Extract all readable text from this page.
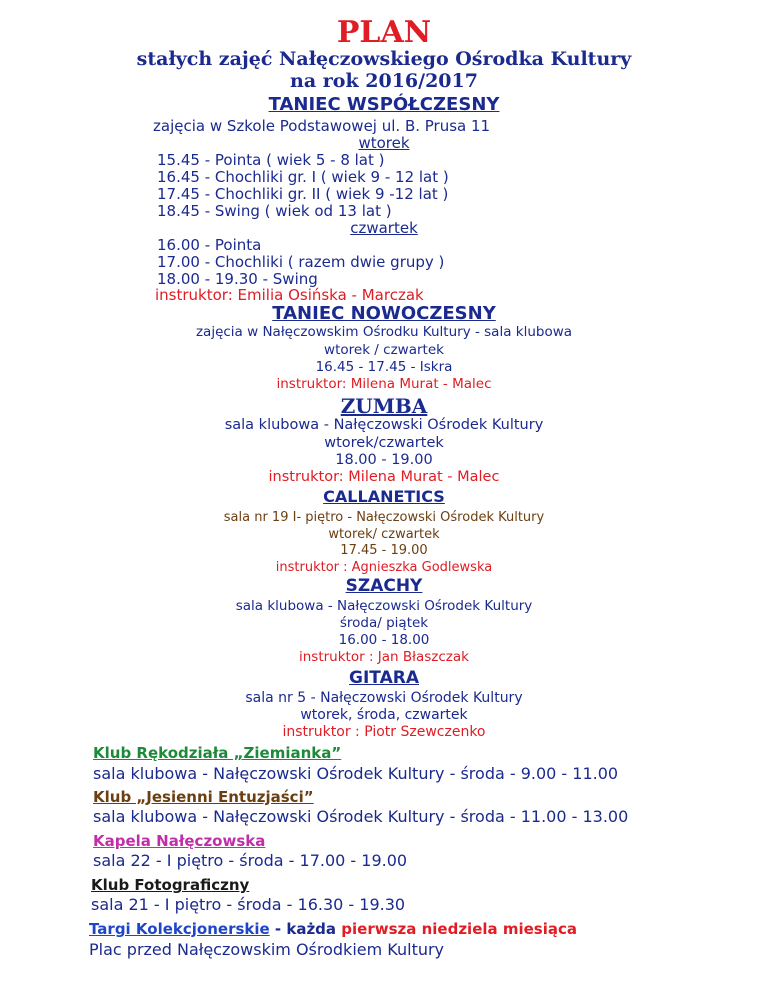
PLAN
stałych zajęć Nałęczowskiego Ośrodka Kultury
na rok 2016/2017
TANIEC WSPÓŁCZESNY
zajęcia w Szkole Podstawowej ul. B. Prusa 11
wtorek
15.45 - Pointa ( wiek 5 - 8 lat )
16.45 - Chochliki gr. I ( wiek 9 - 12 lat )
17.45 - Chochliki gr. II ( wiek 9 -12 lat )
18.45 - Swing ( wiek od 13 lat )
czwartek
16.00 - Pointa
17.00 - Chochliki ( razem dwie grupy )
18.00 - 19.30 - Swing
instruktor: Emilia Osińska - Marczak
TANIEC NOWOCZESNY
zajęcia w Nałęczowskim Ośrodku Kultury - sala klubowa
wtorek / czwartek
16.45 - 17.45 - Iskra
instruktor: Milena Murat - Malec
ZUMBA
sala klubowa - Nałęczowski Ośrodek Kultury
wtorek/czwartek
18.00 - 19.00
instruktor: Milena Murat - Malec
CALLANETICS
sala nr 19 I- piętro - Nałęczowski Ośrodek Kultury
wtorek/ czwartek
17.45 - 19.00
instruktor : Agnieszka Godlewska
SZACHY
sala klubowa - Nałęczowski Ośrodek Kultury
środa/ piątek
16.00 - 18.00
instruktor : Jan Błaszczak
GITARA
sala nr 5 - Nałęczowski Ośrodek Kultury
wtorek, środa, czwartek
instruktor : Piotr Szewczenko
Klub Rękodziała „Ziemianka”
sala klubowa - Nałęczowski Ośrodek Kultury - środa - 9.00 - 11.00
Klub „Jesienni Entuzjaści”
sala klubowa - Nałęczowski Ośrodek Kultury - środa - 11.00 - 13.00
Kapela Nałęczowska
sala 22 - I piętro - środa - 17.00 - 19.00
Klub Fotograficzny
sala 21 - I piętro - środa - 16.30 - 19.30
Targi Kolekcjonerskie - każda pierwsza niedziela miesiąca
Plac przed Nałęczowskim Ośrodkiem Kultury
